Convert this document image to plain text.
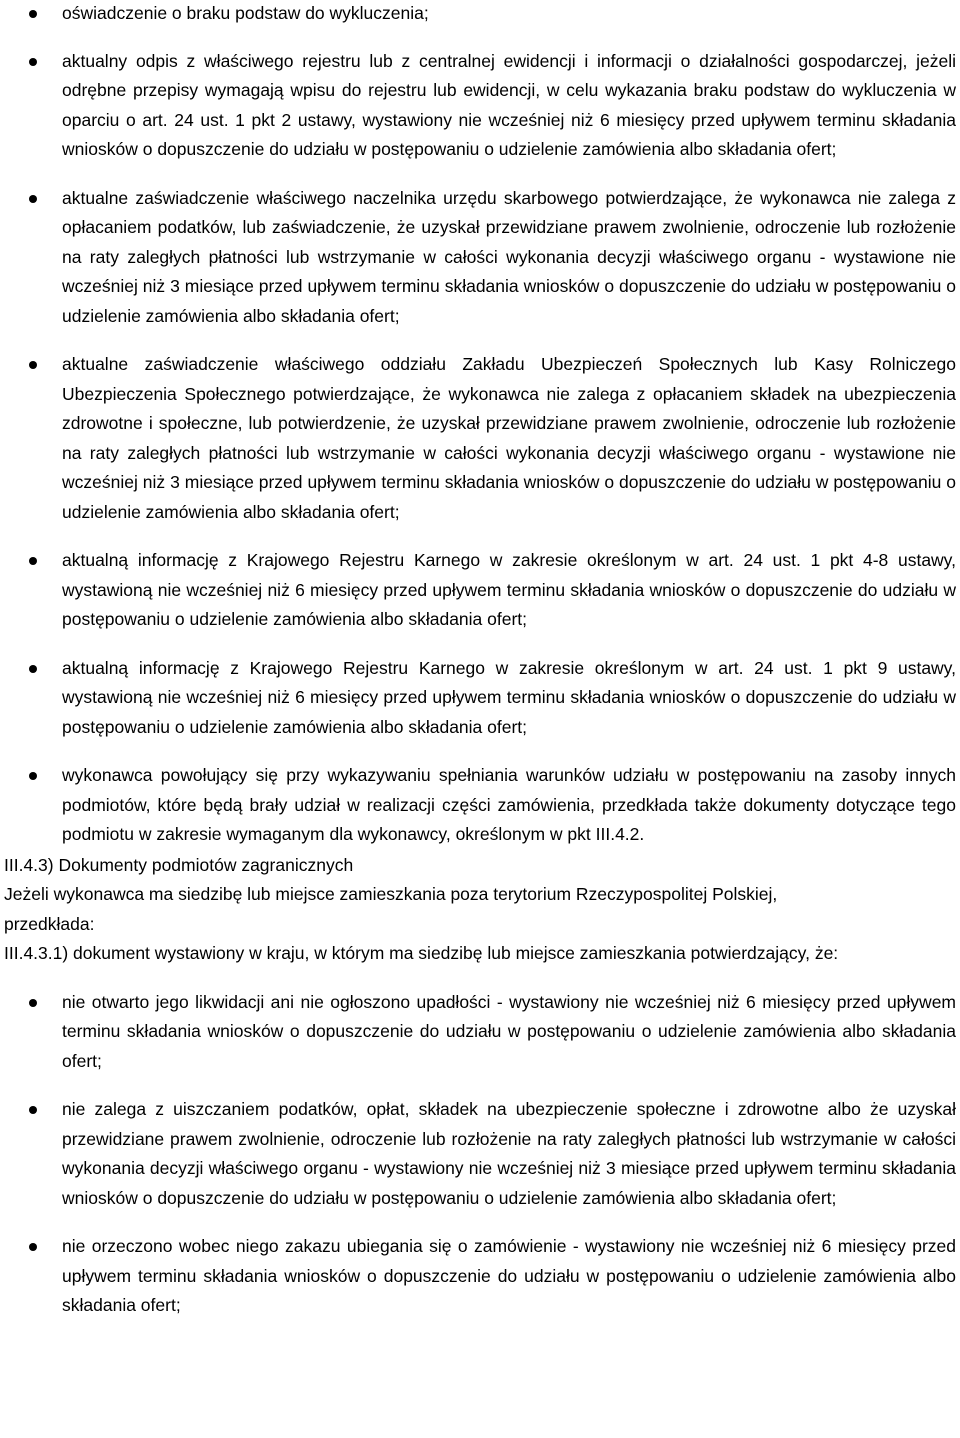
oświadczenie o braku podstaw do wykluczenia;
aktualny odpis z właściwego rejestru lub z centralnej ewidencji i informacji o działalności gospodarczej, jeżeli odrębne przepisy wymagają wpisu do rejestru lub ewidencji, w celu wykazania braku podstaw do wykluczenia w oparciu o art. 24 ust. 1 pkt 2 ustawy, wystawiony nie wcześniej niż 6 miesięcy przed upływem terminu składania wniosków o dopuszczenie do udziału w postępowaniu o udzielenie zamówienia albo składania ofert;
aktualne zaświadczenie właściwego naczelnika urzędu skarbowego potwierdzające, że wykonawca nie zalega z opłacaniem podatków, lub zaświadczenie, że uzyskał przewidziane prawem zwolnienie, odroczenie lub rozłożenie na raty zaległych płatności lub wstrzymanie w całości wykonania decyzji właściwego organu - wystawione nie wcześniej niż 3 miesiące przed upływem terminu składania wniosków o dopuszczenie do udziału w postępowaniu o udzielenie zamówienia albo składania ofert;
aktualne zaświadczenie właściwego oddziału Zakładu Ubezpieczeń Społecznych lub Kasy Rolniczego Ubezpieczenia Społecznego potwierdzające, że wykonawca nie zalega z opłacaniem składek na ubezpieczenia zdrowotne i społeczne, lub potwierdzenie, że uzyskał przewidziane prawem zwolnienie, odroczenie lub rozłożenie na raty zaległych płatności lub wstrzymanie w całości wykonania decyzji właściwego organu - wystawione nie wcześniej niż 3 miesiące przed upływem terminu składania wniosków o dopuszczenie do udziału w postępowaniu o udzielenie zamówienia albo składania ofert;
aktualną informację z Krajowego Rejestru Karnego w zakresie określonym w art. 24 ust. 1 pkt 4-8 ustawy, wystawioną nie wcześniej niż 6 miesięcy przed upływem terminu składania wniosków o dopuszczenie do udziału w postępowaniu o udzielenie zamówienia albo składania ofert;
aktualną informację z Krajowego Rejestru Karnego w zakresie określonym w art. 24 ust. 1 pkt 9 ustawy, wystawioną nie wcześniej niż 6 miesięcy przed upływem terminu składania wniosków o dopuszczenie do udziału w postępowaniu o udzielenie zamówienia albo składania ofert;
wykonawca powołujący się przy wykazywaniu spełniania warunków udziału w postępowaniu na zasoby innych podmiotów, które będą brały udział w realizacji części zamówienia, przedkłada także dokumenty dotyczące tego podmiotu w zakresie wymaganym dla wykonawcy, określonym w pkt III.4.2.
III.4.3) Dokumenty podmiotów zagranicznych
Jeżeli wykonawca ma siedzibę lub miejsce zamieszkania poza terytorium Rzeczypospolitej Polskiej,
przedkłada:
III.4.3.1) dokument wystawiony w kraju, w którym ma siedzibę lub miejsce zamieszkania potwierdzający, że:
nie otwarto jego likwidacji ani nie ogłoszono upadłości - wystawiony nie wcześniej niż 6 miesięcy przed upływem terminu składania wniosków o dopuszczenie do udziału w postępowaniu o udzielenie zamówienia albo składania ofert;
nie zalega z uiszczaniem podatków, opłat, składek na ubezpieczenie społeczne i zdrowotne albo że uzyskał przewidziane prawem zwolnienie, odroczenie lub rozłożenie na raty zaległych płatności lub wstrzymanie w całości wykonania decyzji właściwego organu - wystawiony nie wcześniej niż 3 miesiące przed upływem terminu składania wniosków o dopuszczenie do udziału w postępowaniu o udzielenie zamówienia albo składania ofert;
nie orzeczono wobec niego zakazu ubiegania się o zamówienie - wystawiony nie wcześniej niż 6 miesięcy przed upływem terminu składania wniosków o dopuszczenie do udziału w postępowaniu o udzielenie zamówienia albo składania ofert;
